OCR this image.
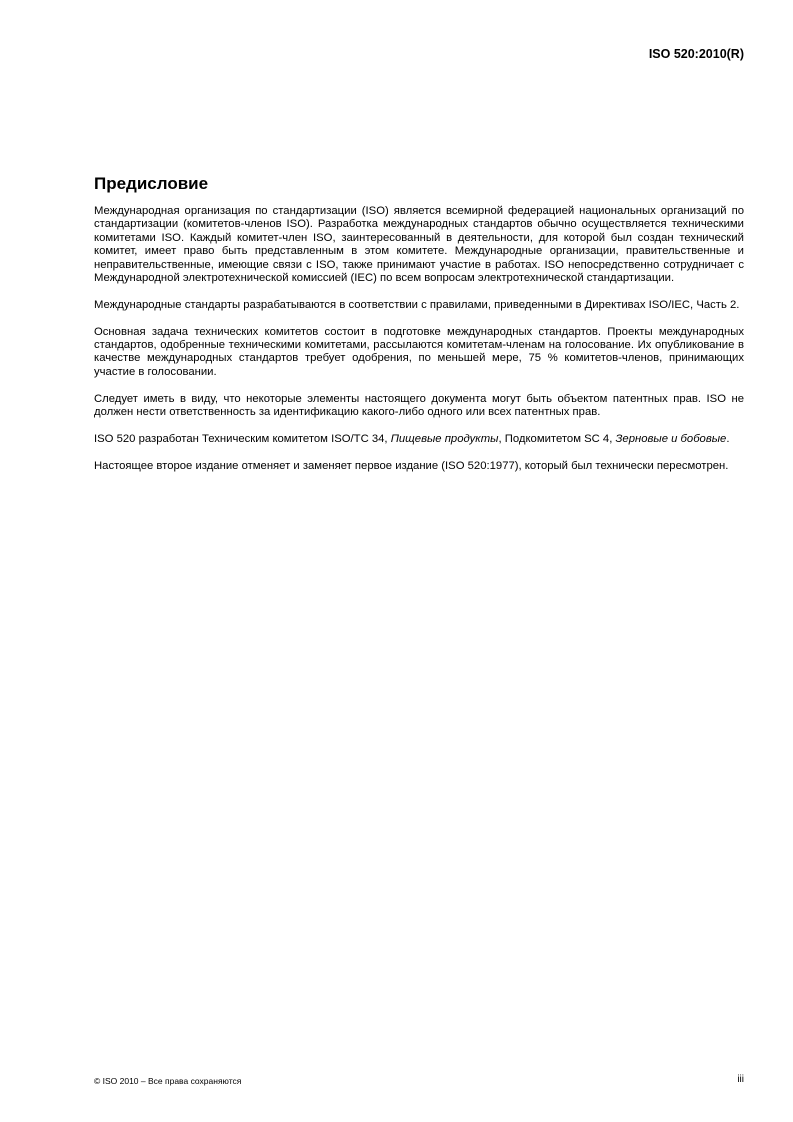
ISO 520:2010(R)
Предисловие

Международная организация по стандартизации (ISO) является всемирной федерацией национальных организаций по стандартизации (комитетов-членов ISO). Разработка международных стандартов обычно осуществляется техническими комитетами ISO. Каждый комитет-член ISO, заинтересованный в деятельности, для которой был создан технический комитет, имеет право быть представленным в этом комитете. Международные организации, правительственные и неправительственные, имеющие связи с ISO, также принимают участие в работах. ISO непосредственно сотрудничает с Международной электротехнической комиссией (IEC) по всем вопросам электротехнической стандартизации.

Международные стандарты разрабатываются в соответствии с правилами, приведенными в Директивах ISO/IEC, Часть 2.

Основная задача технических комитетов состоит в подготовке международных стандартов. Проекты международных стандартов, одобренные техническими комитетами, рассылаются комитетам-членам на голосование. Их опубликование в качестве международных стандартов требует одобрения, по меньшей мере, 75 % комитетов-членов, принимающих участие в голосовании.

Следует иметь в виду, что некоторые элементы настоящего документа могут быть объектом патентных прав. ISO не должен нести ответственность за идентификацию какого-либо одного или всех патентных прав.

ISO 520 разработан Техническим комитетом ISO/TC 34, Пищевые продукты, Подкомитетом SC 4, Зерновые и бобовые.

Настоящее второе издание отменяет и заменяет первое издание (ISO 520:1977), который был технически пересмотрен.

© ISO 2010 – Все права сохраняются	iii
